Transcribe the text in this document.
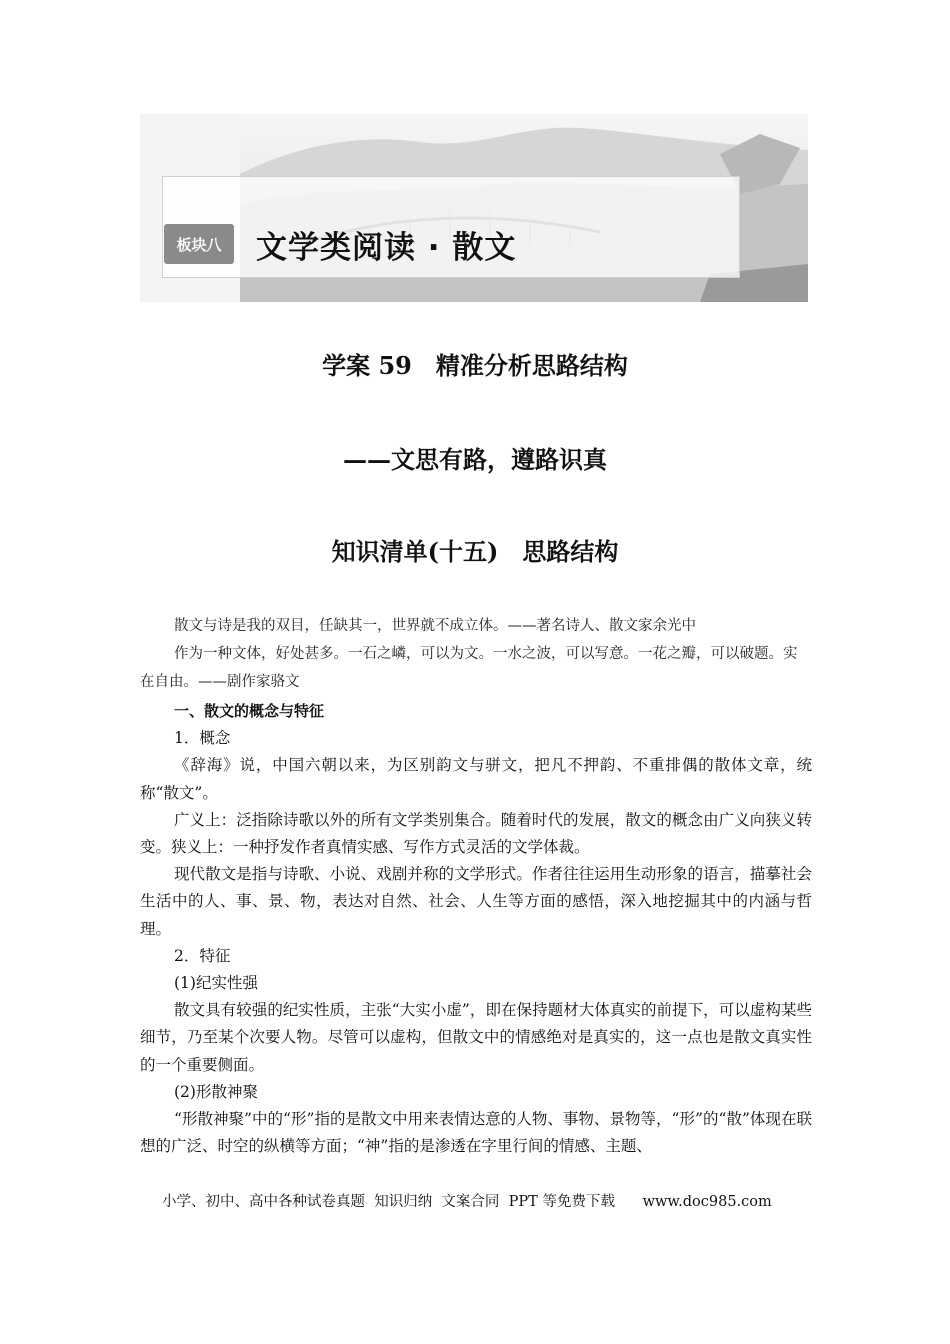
板块八	文学类阅读 · 散文
学案 59　精准分析思路结构
——文思有路，遵路识真
知识清单(十五)　思路结构
散文与诗是我的双目，任缺其一，世界就不成立体。——著名诗人、散文家余光中
作为一种文体，好处甚多。一石之嶙，可以为文。一水之波，可以写意。一花之瓣，可以破题。实在自由。——剧作家骆文

一、散文的概念与特征

1．概念

《辞海》说，中国六朝以来，为区别韵文与骈文，把凡不押韵、不重排偶的散体文章，统称“散文”。

广义上：泛指除诗歌以外的所有文学类别集合。随着时代的发展，散文的概念由广义向狭义转变。狭义上：一种抒发作者真情实感、写作方式灵活的文学体裁。

现代散文是指与诗歌、小说、戏剧并称的文学形式。作者往往运用生动形象的语言，描摹社会生活中的人、事、景、物，表达对自然、社会、人生等方面的感悟，深入地挖掘其中的内涵与哲理。

2．特征

(1)纪实性强

散文具有较强的纪实性质，主张“大实小虚”，即在保持题材大体真实的前提下，可以虚构某些细节，乃至某个次要人物。尽管可以虚构，但散文中的情感绝对是真实的，这一点也是散文真实性的一个重要侧面。

(2)形散神聚

“形散神聚”中的“形”指的是散文中用来表情达意的人物、事物、景物等，“形”的“散”体现在联想的广泛、时空的纵横等方面；“神”指的是渗透在字里行间的情感、主题、

小学、初中、高中各种试卷真题  知识归纳  文案合同  PPT 等免费下载 www.doc985.com
